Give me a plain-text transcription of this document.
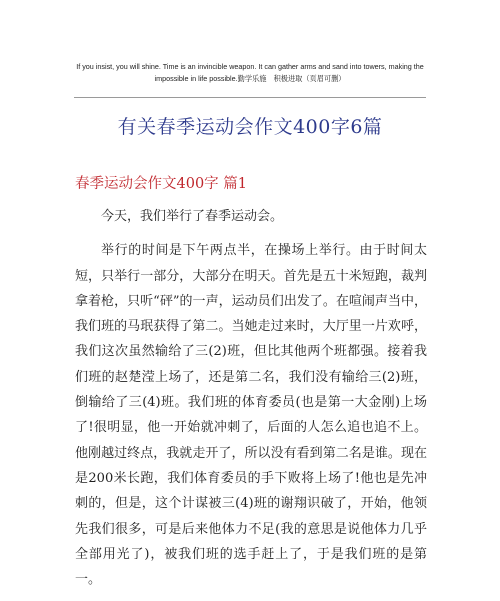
If you insist, you will shine. Time is an invincible weapon. It can gather arms and sand into towers, making the
impossible in life possible.勤学乐施　积极进取（页眉可删）
有关春季运动会作文400字6篇
春季运动会作文400字 篇1

今天，我们举行了春季运动会。

举行的时间是下午两点半，在操场上举行。由于时间太短，只举行一部分，大部分在明天。首先是五十米短跑，裁判拿着枪，只听“砰”的一声，运动员们出发了。在喧闹声当中，我们班的马珉获得了第二。当她走过来时，大厅里一片欢呼，我们这次虽然输给了三(2)班，但比其他两个班都强。接着我们班的赵楚滢上场了，还是第二名，我们没有输给三(2)班，倒输给了三(4)班。我们班的体育委员(也是第一大金刚)上场了!很明显，他一开始就冲刺了，后面的人怎么追也追不上。他刚越过终点，我就走开了，所以没有看到第二名是谁。现在是200米长跑，我们体育委员的手下败将上场了!他也是先冲刺的，但是，这个计谋被三(4)班的谢翔识破了，开始，他领先我们很多，可是后来他体力不足(我的意思是说他体力几乎全部用光了)，被我们班的选手赶上了，于是我们班的是第一。
